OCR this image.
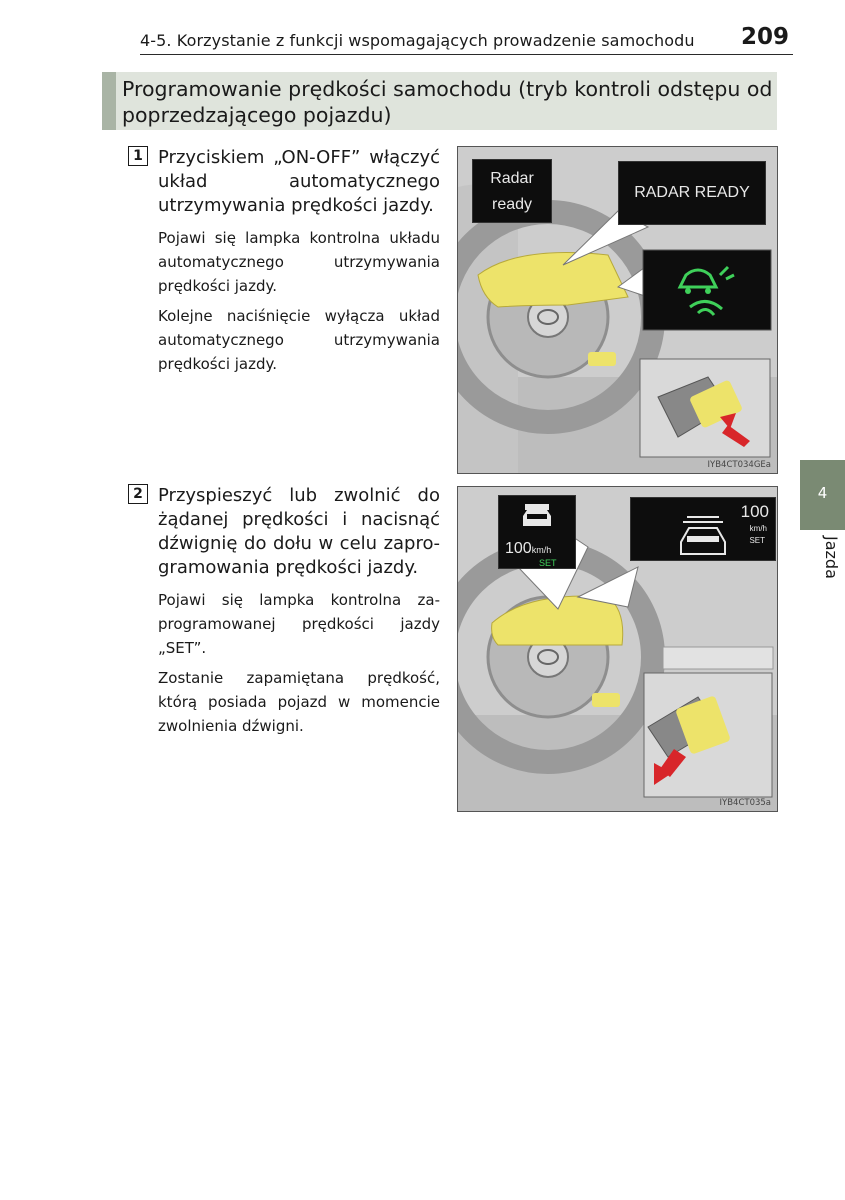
4-5. Korzystanie z funkcji wspomagających prowadzenie samochodu 209
Programowanie prędkości samochodu (tryb kontroli odstępu od poprzedzającego pojazdu)
1 Przyciskiem „ON-OFF” włączyć układ automatycznego utrzymywania prędkości jazdy.
Pojawi się lampka kontrolna układu automatycznego utrzymywania prędkości jazdy.
Kolejne naciśnięcie wyłącza układ automatycznego utrzymywania prędkości jazdy.
Radar
ready
RADAR READY
IYB4CT034GEa
2 Przyspieszyć lub zwolnić do żądanej prędkości i nacisnąć dźwignię do dołu w celu zaprogramowania prędkości jazdy.
Pojawi się lampka kontrolna zaprogramowanej prędkości jazdy „SET”.
Zostanie zapamiętana prędkość, którą posiada pojazd w momencie zwolnienia dźwigni.
100km/h
SET
100
km/h
SET
IYB4CT035a
4
Jazda
